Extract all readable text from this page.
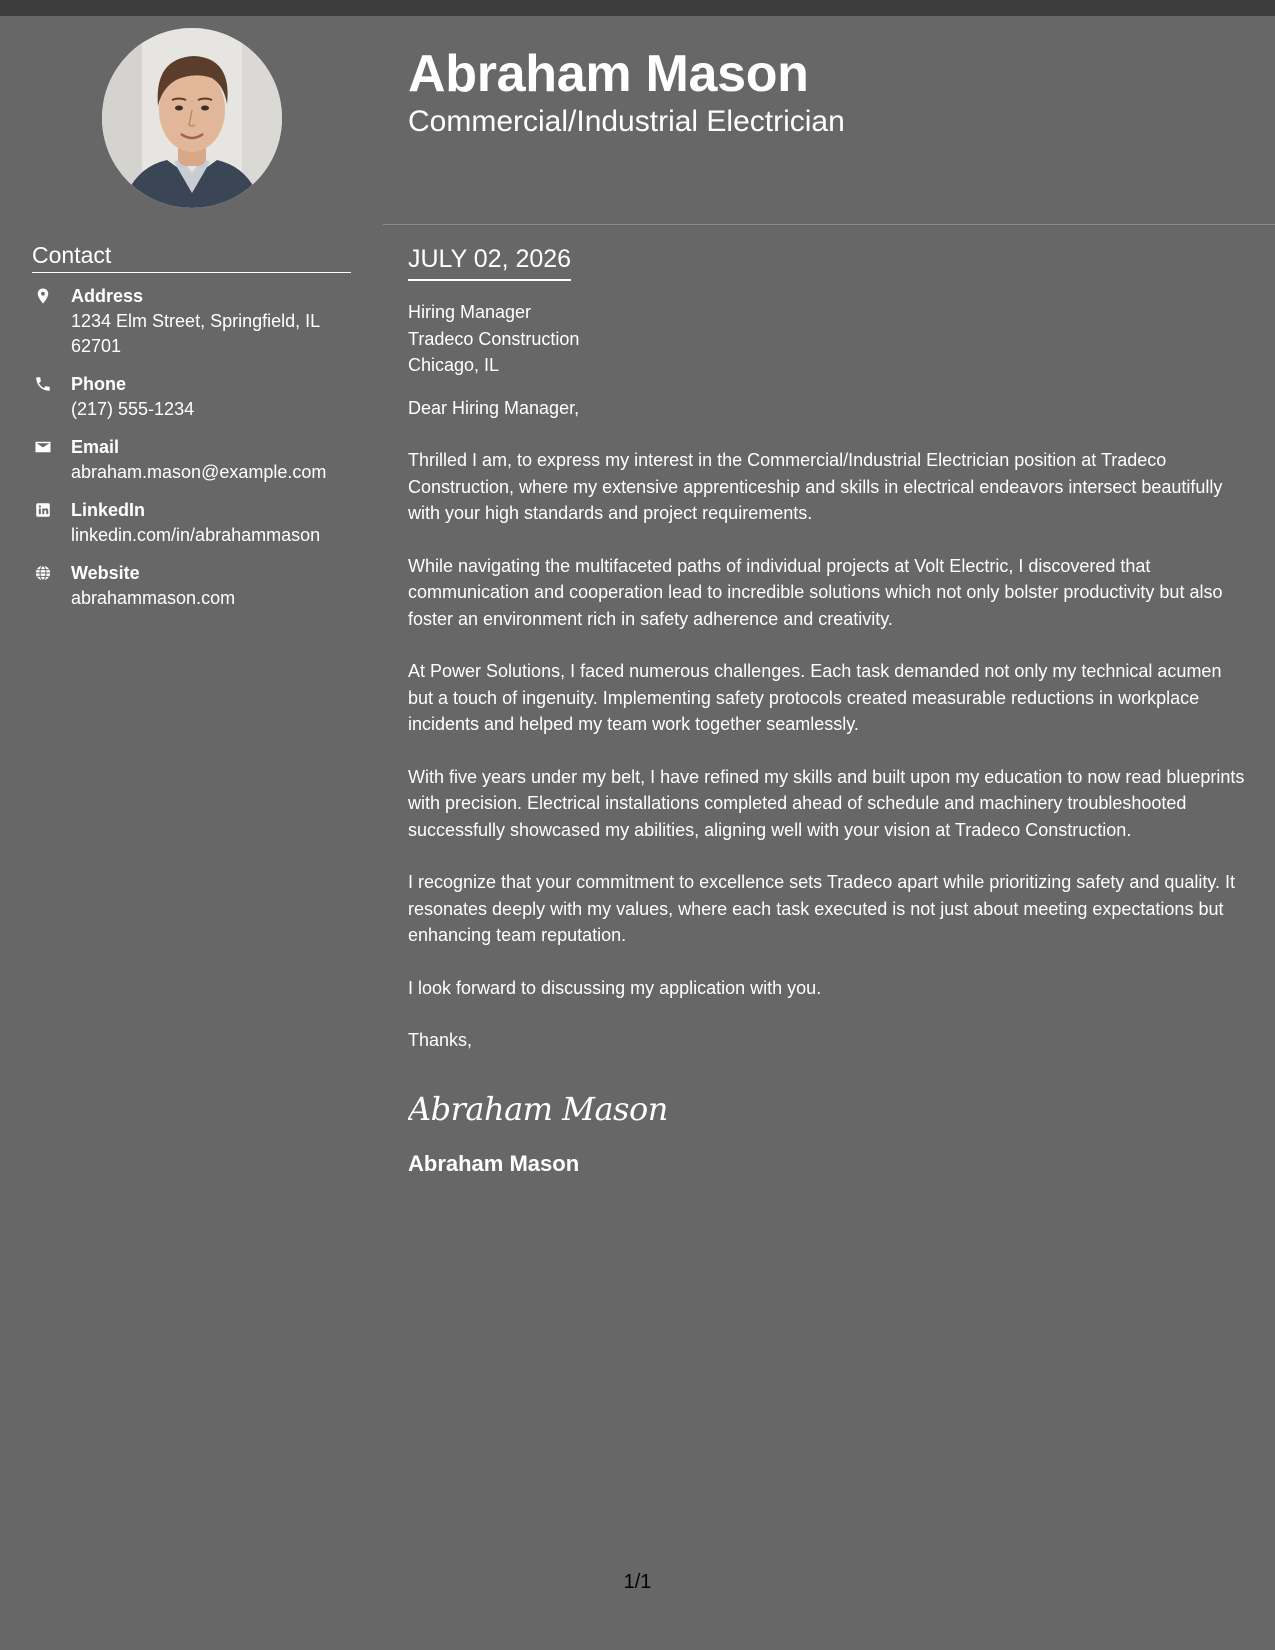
Contact
Address
1234 Elm Street, Springfield, IL 62701
Phone
(217) 555-1234
Email
abraham.mason@example.com
LinkedIn
linkedin.com/in/abrahammason
Website
abrahammason.com
Abraham Mason
Commercial/Industrial Electrician
JULY 02, 2026
Hiring Manager
Tradeco Construction
Chicago, IL

Dear Hiring Manager,

Thrilled I am, to express my interest in the Commercial/Industrial Electrician position at Tradeco Construction, where my extensive apprenticeship and skills in electrical endeavors intersect beautifully with your high standards and project requirements.

While navigating the multifaceted paths of individual projects at Volt Electric, I discovered that communication and cooperation lead to incredible solutions which not only bolster productivity but also foster an environment rich in safety adherence and creativity.

At Power Solutions, I faced numerous challenges. Each task demanded not only my technical acumen but a touch of ingenuity. Implementing safety protocols created measurable reductions in workplace incidents and helped my team work together seamlessly.

With five years under my belt, I have refined my skills and built upon my education to now read blueprints with precision. Electrical installations completed ahead of schedule and machinery troubleshooted successfully showcased my abilities, aligning well with your vision at Tradeco Construction.

I recognize that your commitment to excellence sets Tradeco apart while prioritizing safety and quality. It resonates deeply with my values, where each task executed is not just about meeting expectations but enhancing team reputation.

I look forward to discussing my application with you.

Thanks,

Abraham Mason
Abraham Mason
1/1
